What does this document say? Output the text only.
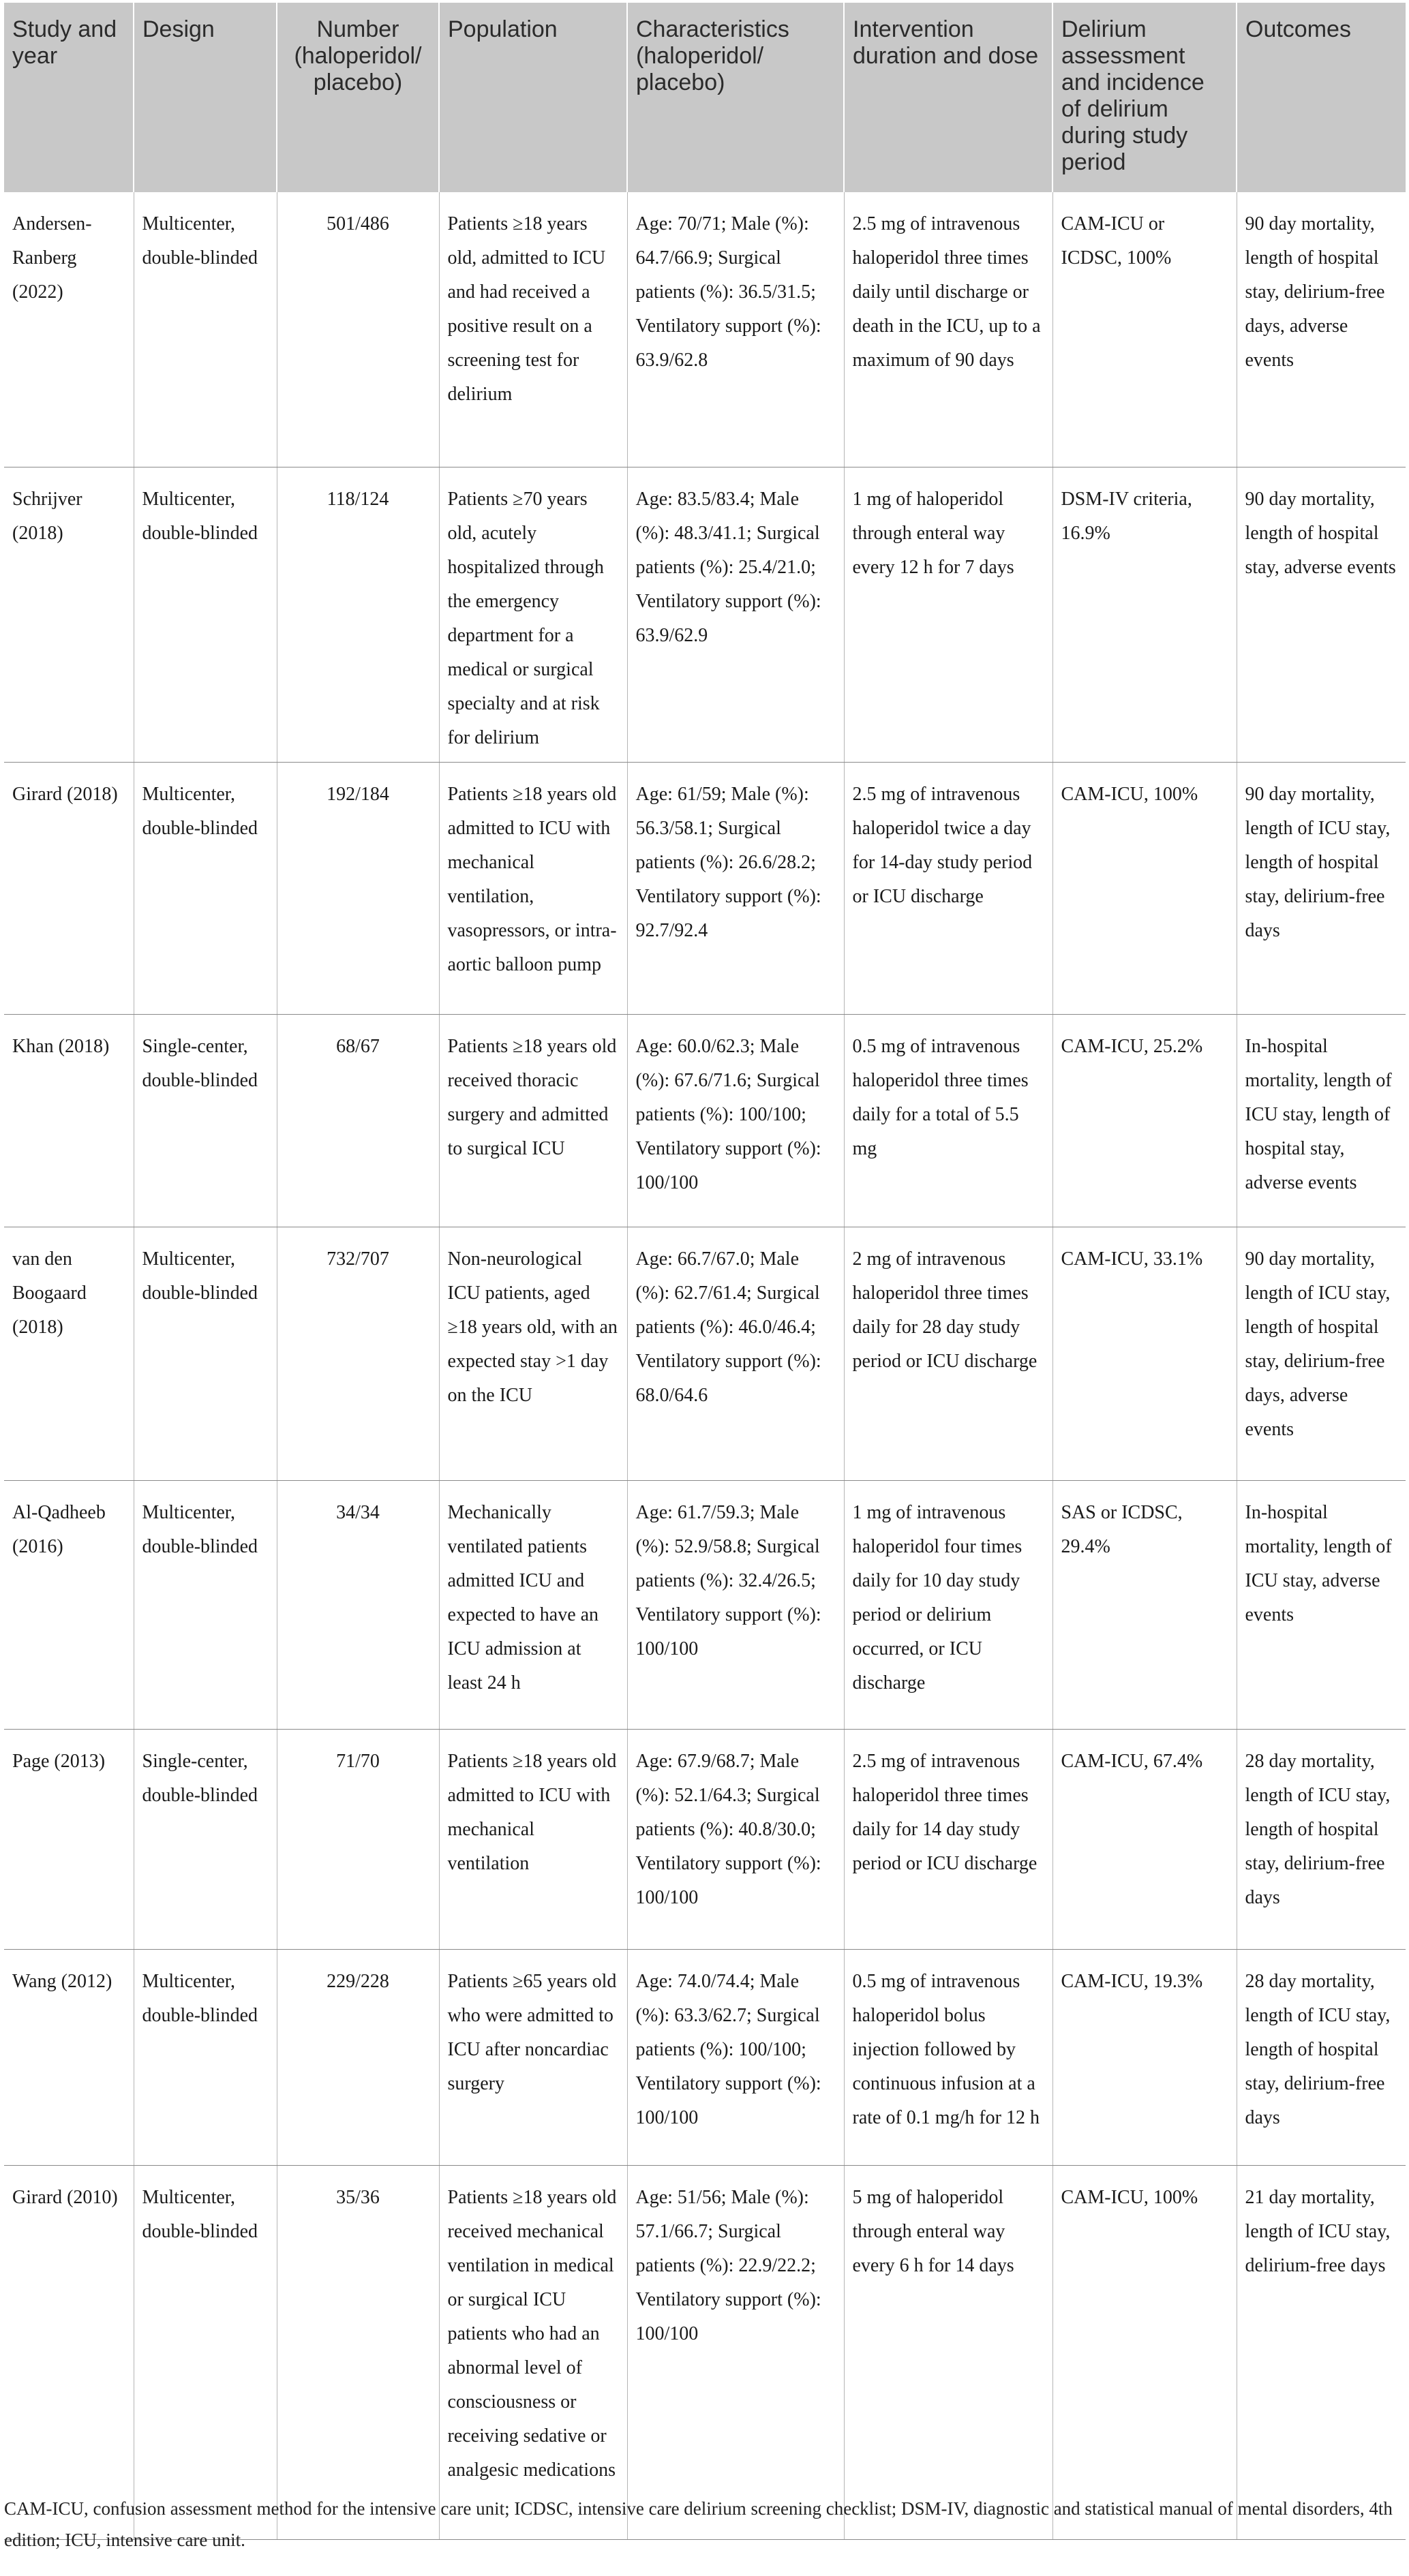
Study and year	Design	Number (haloperidol/ placebo)	Population	Characteristics (haloperidol/ placebo)	Intervention duration and dose	Delirium assessment and incidence of delirium during study period	Outcomes
Andersen-Ranberg (2022)	Multicenter, double-blinded	501/486	Patients ≥18 years old, admitted to ICU and had received a positive result on a screening test for delirium	Age: 70/71; Male (%): 64.7/66.9; Surgical patients (%): 36.5/31.5; Ventilatory support (%): 63.9/62.8	2.5 mg of intravenous haloperidol three times daily until discharge or death in the ICU, up to a maximum of 90 days	CAM-ICU or ICDSC, 100%	90 day mortality, length of hospital stay, delirium-free days, adverse events
Schrijver (2018)	Multicenter, double-blinded	118/124	Patients ≥70 years old, acutely hospitalized through the emergency department for a medical or surgical specialty and at risk for delirium	Age: 83.5/83.4; Male (%): 48.3/41.1; Surgical patients (%): 25.4/21.0; Ventilatory support (%): 63.9/62.9	1 mg of haloperidol through enteral way every 12 h for 7 days	DSM-IV criteria, 16.9%	90 day mortality, length of hospital stay, adverse events
Girard (2018)	Multicenter, double-blinded	192/184	Patients ≥18 years old admitted to ICU with mechanical ventilation, vasopressors, or intra-aortic balloon pump	Age: 61/59; Male (%): 56.3/58.1; Surgical patients (%): 26.6/28.2; Ventilatory support (%): 92.7/92.4	2.5 mg of intravenous haloperidol twice a day for 14-day study period or ICU discharge	CAM-ICU, 100%	90 day mortality, length of ICU stay, length of hospital stay, delirium-free days
Khan (2018)	Single-center, double-blinded	68/67	Patients ≥18 years old received thoracic surgery and admitted to surgical ICU	Age: 60.0/62.3; Male (%): 67.6/71.6; Surgical patients (%): 100/100; Ventilatory support (%): 100/100	0.5 mg of intravenous haloperidol three times daily for a total of 5.5 mg	CAM-ICU, 25.2%	In-hospital mortality, length of ICU stay, length of hospital stay, adverse events
van den Boogaard (2018)	Multicenter, double-blinded	732/707	Non-neurological ICU patients, aged ≥18 years old, with an expected stay >1 day on the ICU	Age: 66.7/67.0; Male (%): 62.7/61.4; Surgical patients (%): 46.0/46.4; Ventilatory support (%): 68.0/64.6	2 mg of intravenous haloperidol three times daily for 28 day study period or ICU discharge	CAM-ICU, 33.1%	90 day mortality, length of ICU stay, length of hospital stay, delirium-free days, adverse events
Al-Qadheeb (2016)	Multicenter, double-blinded	34/34	Mechanically ventilated patients admitted ICU and expected to have an ICU admission at least 24 h	Age: 61.7/59.3; Male (%): 52.9/58.8; Surgical patients (%): 32.4/26.5; Ventilatory support (%): 100/100	1 mg of intravenous haloperidol four times daily for 10 day study period or delirium occurred, or ICU discharge	SAS or ICDSC, 29.4%	In-hospital mortality, length of ICU stay, adverse events
Page (2013)	Single-center, double-blinded	71/70	Patients ≥18 years old admitted to ICU with mechanical ventilation	Age: 67.9/68.7; Male (%): 52.1/64.3; Surgical patients (%): 40.8/30.0; Ventilatory support (%): 100/100	2.5 mg of intravenous haloperidol three times daily for 14 day study period or ICU discharge	CAM-ICU, 67.4%	28 day mortality, length of ICU stay, length of hospital stay, delirium-free days
Wang (2012)	Multicenter, double-blinded	229/228	Patients ≥65 years old who were admitted to ICU after noncardiac surgery	Age: 74.0/74.4; Male (%): 63.3/62.7; Surgical patients (%): 100/100; Ventilatory support (%): 100/100	0.5 mg of intravenous haloperidol bolus injection followed by continuous infusion at a rate of 0.1 mg/h for 12 h	CAM-ICU, 19.3%	28 day mortality, length of ICU stay, length of hospital stay, delirium-free days
Girard (2010)	Multicenter, double-blinded	35/36	Patients ≥18 years old received mechanical ventilation in medical or surgical ICU patients who had an abnormal level of consciousness or receiving sedative or analgesic medications	Age: 51/56; Male (%): 57.1/66.7; Surgical patients (%): 22.9/22.2; Ventilatory support (%): 100/100	5 mg of haloperidol through enteral way every 6 h for 14 days	CAM-ICU, 100%	21 day mortality, length of ICU stay, delirium-free days
CAM-ICU, confusion assessment method for the intensive care unit; ICDSC, intensive care delirium screening checklist; DSM-IV, diagnostic and statistical manual of mental disorders, 4th edition; ICU, intensive care unit.
